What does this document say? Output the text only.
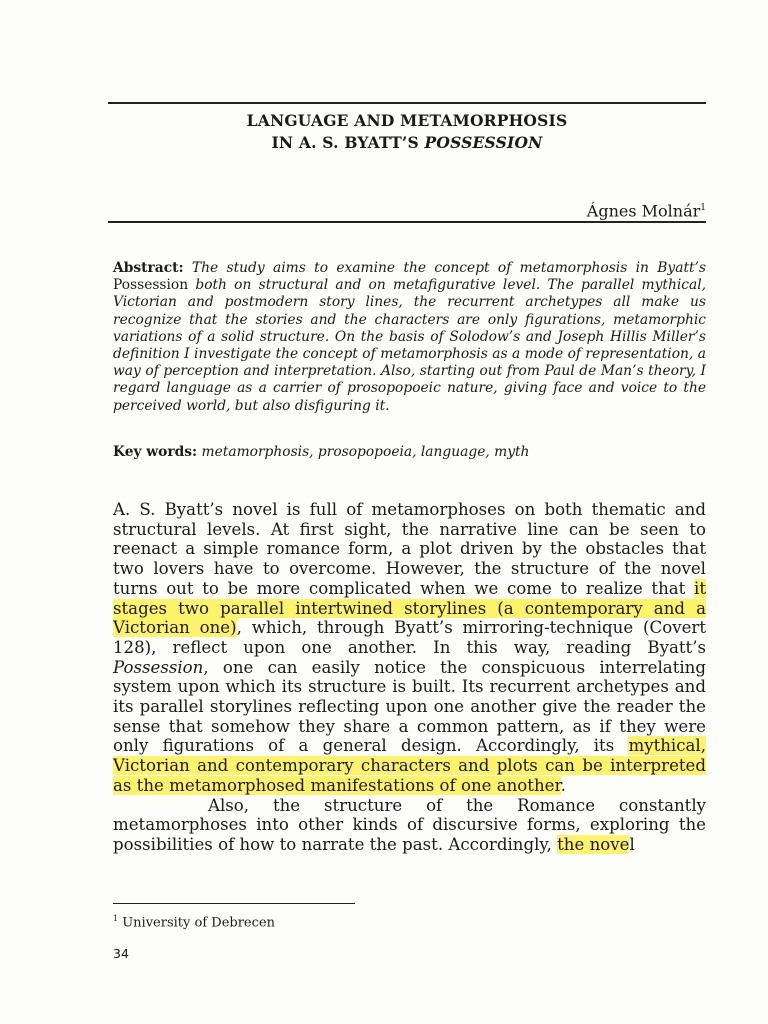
LANGUAGE AND METAMORPHOSIS
IN A. S. BYATT’S POSSESSION
Ágnes Molnár$^1$
Abstract: The study aims to examine the concept of metamorphosis in Byatt’s Possession both on structural and on metafigurative level. The parallel mythical, Victorian and postmodern story lines, the recurrent archetypes all make us recognize that the stories and the characters are only figurations, metamorphic variations of a solid structure. On the basis of Solodow’s and Joseph Hillis Miller’s definition I investigate the concept of metamorphosis as a mode of representation, a way of perception and interpretation. Also, starting out from Paul de Man’s theory, I regard language as a carrier of prosopopoeic nature, giving face and voice to the perceived world, but also disfiguring it.
Key words: metamorphosis, prosopopoeia, language, myth

A. S. Byatt’s novel is full of metamorphoses on both thematic and structural levels. At first sight, the narrative line can be seen to reenact a simple romance form, a plot driven by the obstacles that two lovers have to overcome. However, the structure of the novel turns out to be more complicated when we come to realize that it stages two parallel intertwined storylines (a contemporary and a Victorian one), which, through Byatt’s mirroring-technique (Covert 128), reflect upon one another. In this way, reading Byatt’s Possession, one can easily notice the conspicuous interrelating system upon which its structure is built. Its recurrent archetypes and its parallel storylines reflecting upon one another give the reader the sense that somehow they share a common pattern, as if they were only figurations of a general design. Accordingly, its mythical, Victorian and contemporary characters and plots can be interpreted as the metamorphosed manifestations of one another.

Also, the structure of the Romance constantly metamorphoses into other kinds of discursive forms, exploring the possibilities of how to narrate the past. Accordingly, the novel

$^1$ University of Debrecen
34
